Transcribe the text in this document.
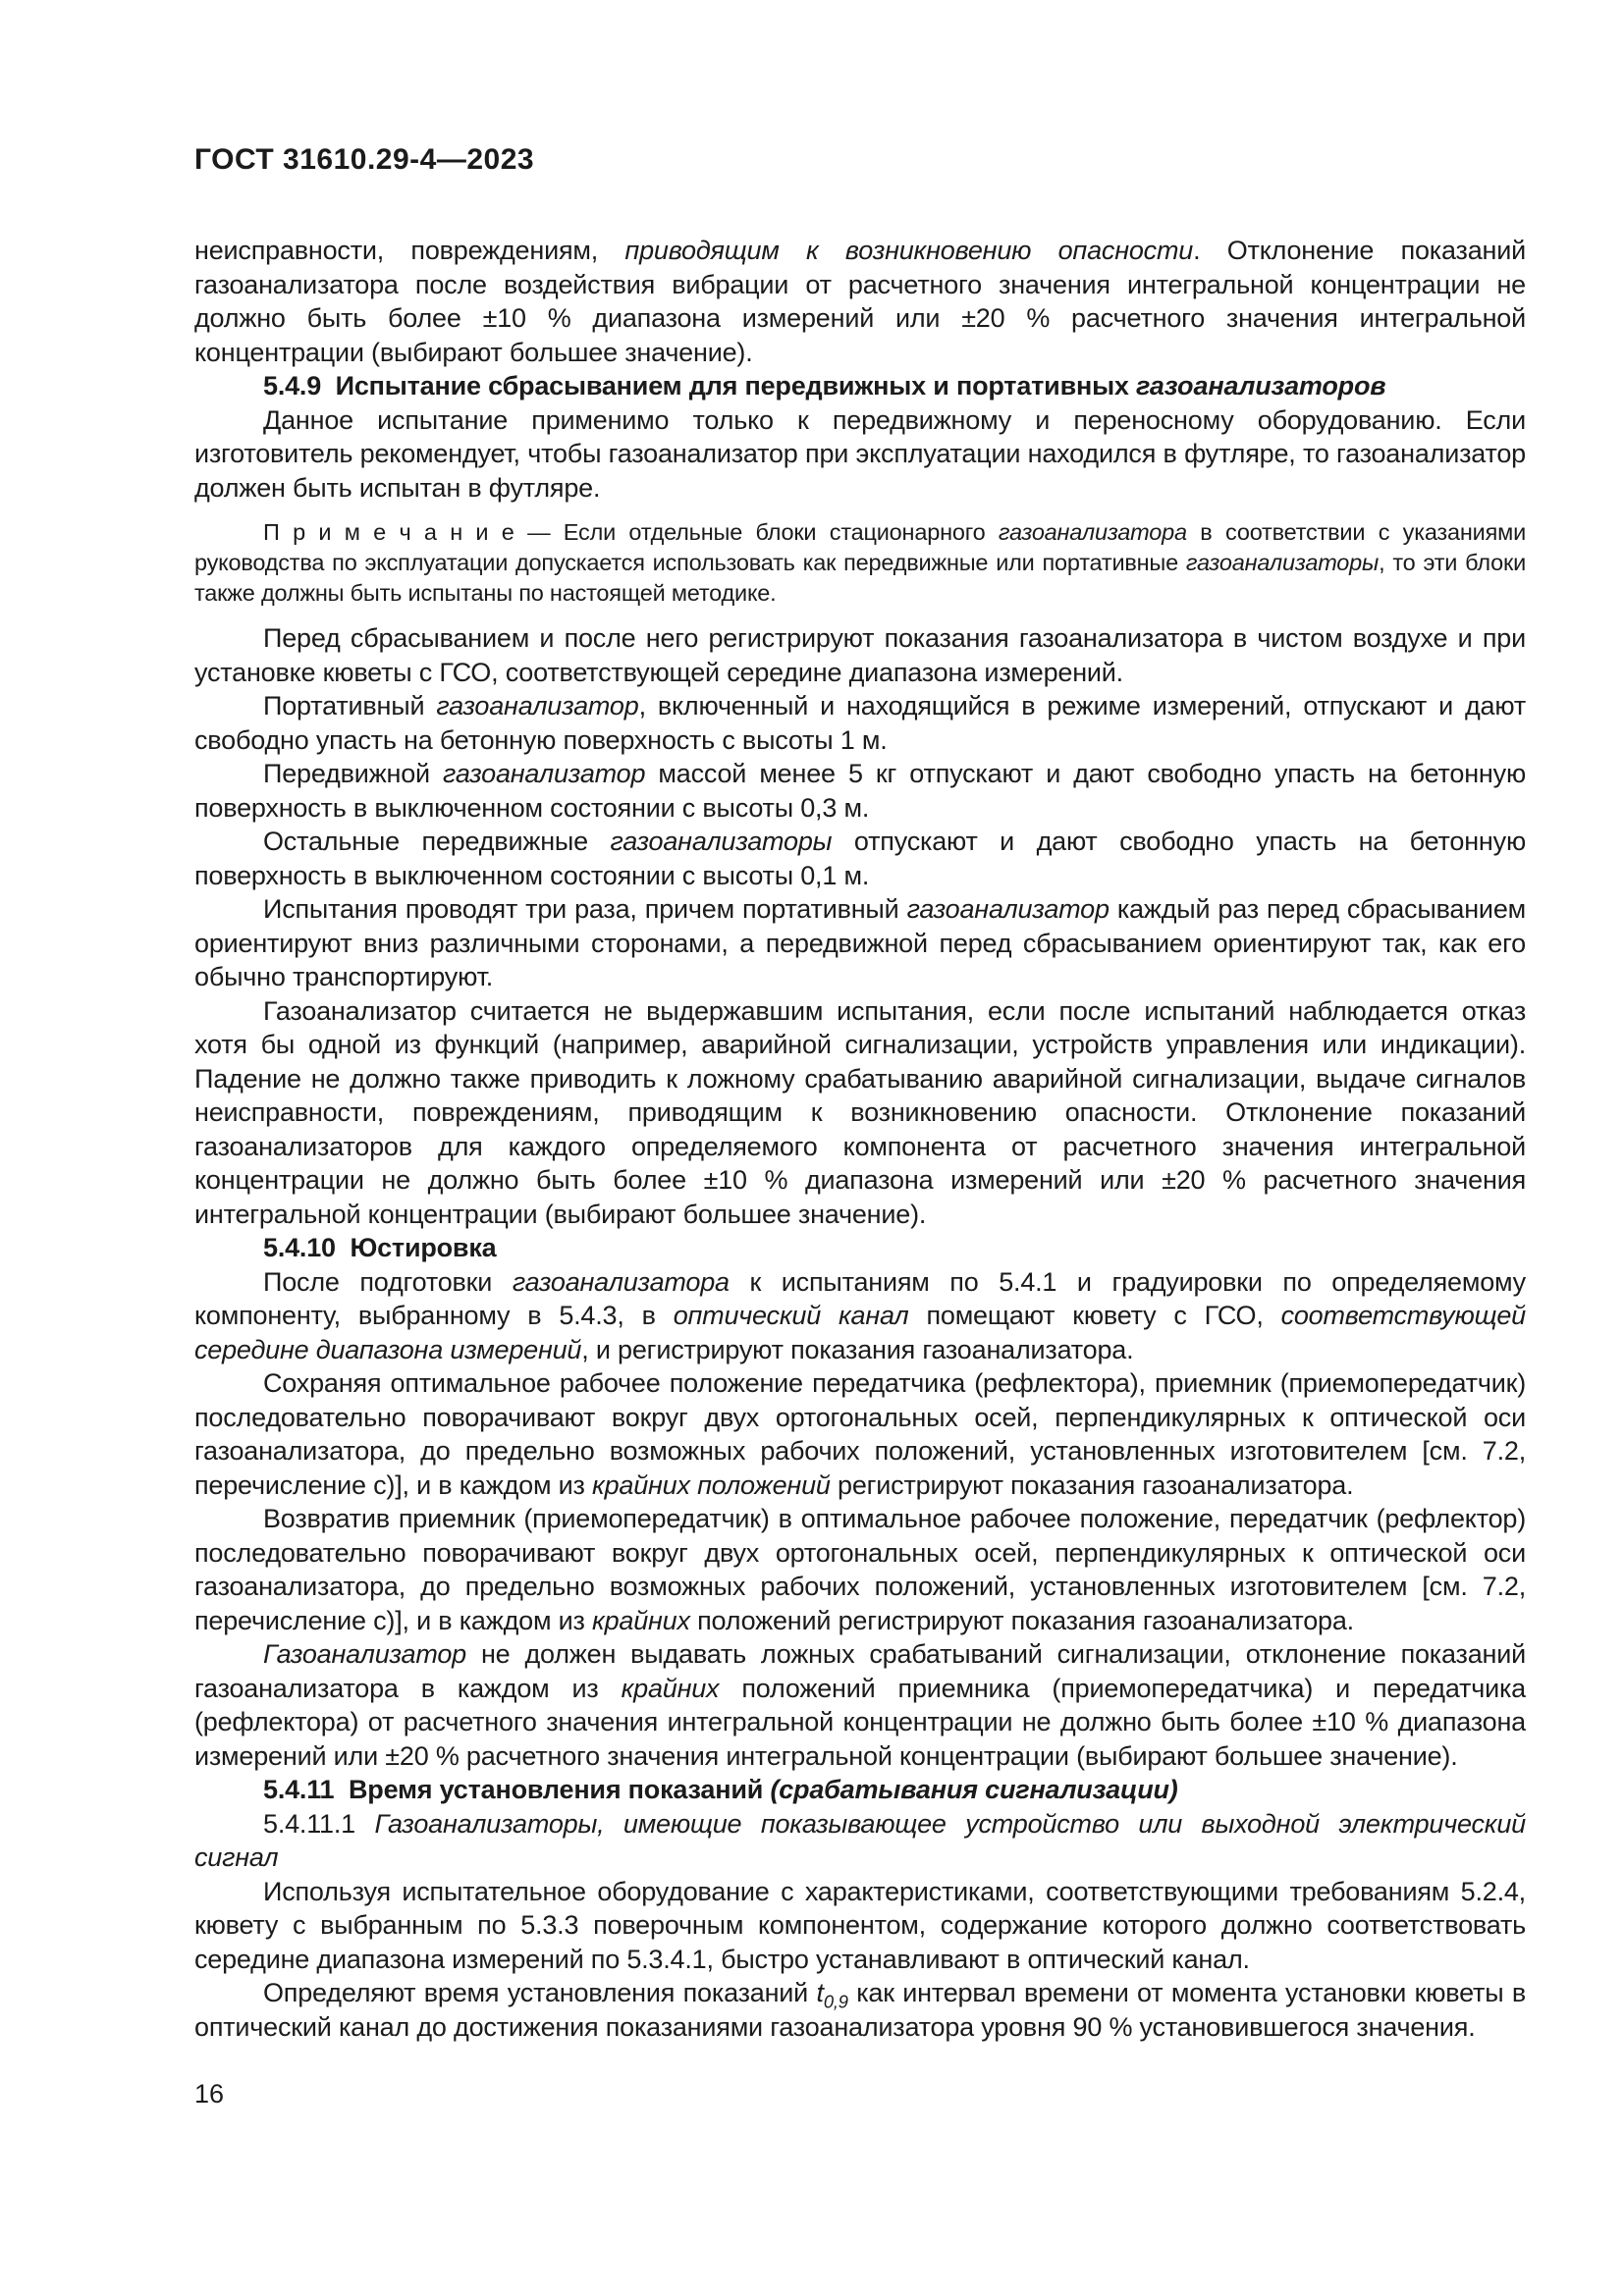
ГОСТ 31610.29-4—2023

неисправности, повреждениям, приводящим к возникновению опасности. Отклонение показаний газоанализатора после воздействия вибрации от расчетного значения интегральной концентрации не должно быть более ±10 % диапазона измерений или ±20 % расчетного значения интегральной концентрации (выбирают большее значение).

5.4.9  Испытание сбрасыванием для передвижных и портативных газоанализаторов

Данное испытание применимо только к передвижному и переносному оборудованию. Если изготовитель рекомендует, чтобы газоанализатор при эксплуатации находился в футляре, то газоанализатор должен быть испытан в футляре.

П р и м е ч а н и е — Если отдельные блоки стационарного газоанализатора в соответствии с указаниями руководства по эксплуатации допускается использовать как передвижные или портативные газоанализаторы, то эти блоки также должны быть испытаны по настоящей методике.

Перед сбрасыванием и после него регистрируют показания газоанализатора в чистом воздухе и при установке кюветы с ГСО, соответствующей середине диапазона измерений.

Портативный газоанализатор, включенный и находящийся в режиме измерений, отпускают и дают свободно упасть на бетонную поверхность с высоты 1 м.

Передвижной газоанализатор массой менее 5 кг отпускают и дают свободно упасть на бетонную поверхность в выключенном состоянии с высоты 0,3 м.

Остальные передвижные газоанализаторы отпускают и дают свободно упасть на бетонную поверхность в выключенном состоянии с высоты 0,1 м.

Испытания проводят три раза, причем портативный газоанализатор каждый раз перед сбрасыванием ориентируют вниз различными сторонами, а передвижной перед сбрасыванием ориентируют так, как его обычно транспортируют.

Газоанализатор считается не выдержавшим испытания, если после испытаний наблюдается отказ хотя бы одной из функций (например, аварийной сигнализации, устройств управления или индикации). Падение не должно также приводить к ложному срабатыванию аварийной сигнализации, выдаче сигналов неисправности, повреждениям, приводящим к возникновению опасности. Отклонение показаний газоанализаторов для каждого определяемого компонента от расчетного значения интегральной концентрации не должно быть более ±10 % диапазона измерений или ±20 % расчетного значения интегральной концентрации (выбирают большее значение).

5.4.10  Юстировка

После подготовки газоанализатора к испытаниям по 5.4.1 и градуировки по определяемому компоненту, выбранному в 5.4.3, в оптический канал помещают кювету с ГСО, соответствующей середине диапазона измерений, и регистрируют показания газоанализатора.

Сохраняя оптимальное рабочее положение передатчика (рефлектора), приемник (приемопередатчик) последовательно поворачивают вокруг двух ортогональных осей, перпендикулярных к оптической оси газоанализатора, до предельно возможных рабочих положений, установленных изготовителем [см. 7.2, перечисление c)], и в каждом из крайних положений регистрируют показания газоанализатора.

Возвратив приемник (приемопередатчик) в оптимальное рабочее положение, передатчик (рефлектор) последовательно поворачивают вокруг двух ортогональных осей, перпендикулярных к оптической оси газоанализатора, до предельно возможных рабочих положений, установленных изготовителем [см. 7.2, перечисление c)], и в каждом из крайних положений регистрируют показания газоанализатора.

Газоанализатор не должен выдавать ложных срабатываний сигнализации, отклонение показаний газоанализатора в каждом из крайних положений приемника (приемопередатчика) и передатчика (рефлектора) от расчетного значения интегральной концентрации не должно быть более ±10 % диапазона измерений или ±20 % расчетного значения интегральной концентрации (выбирают большее значение).

5.4.11  Время установления показаний (срабатывания сигнализации)

5.4.11.1 Газоанализаторы, имеющие показывающее устройство или выходной электрический сигнал

Используя испытательное оборудование с характеристиками, соответствующими требованиям 5.2.4, кювету с выбранным по 5.3.3 поверочным компонентом, содержание которого должно соответствовать середине диапазона измерений по 5.3.4.1, быстро устанавливают в оптический канал.

Определяют время установления показаний $t_{0,9}$ как интервал времени от момента установки кюветы в оптический канал до достижения показаниями газоанализатора уровня 90 % установившегося значения.

16
